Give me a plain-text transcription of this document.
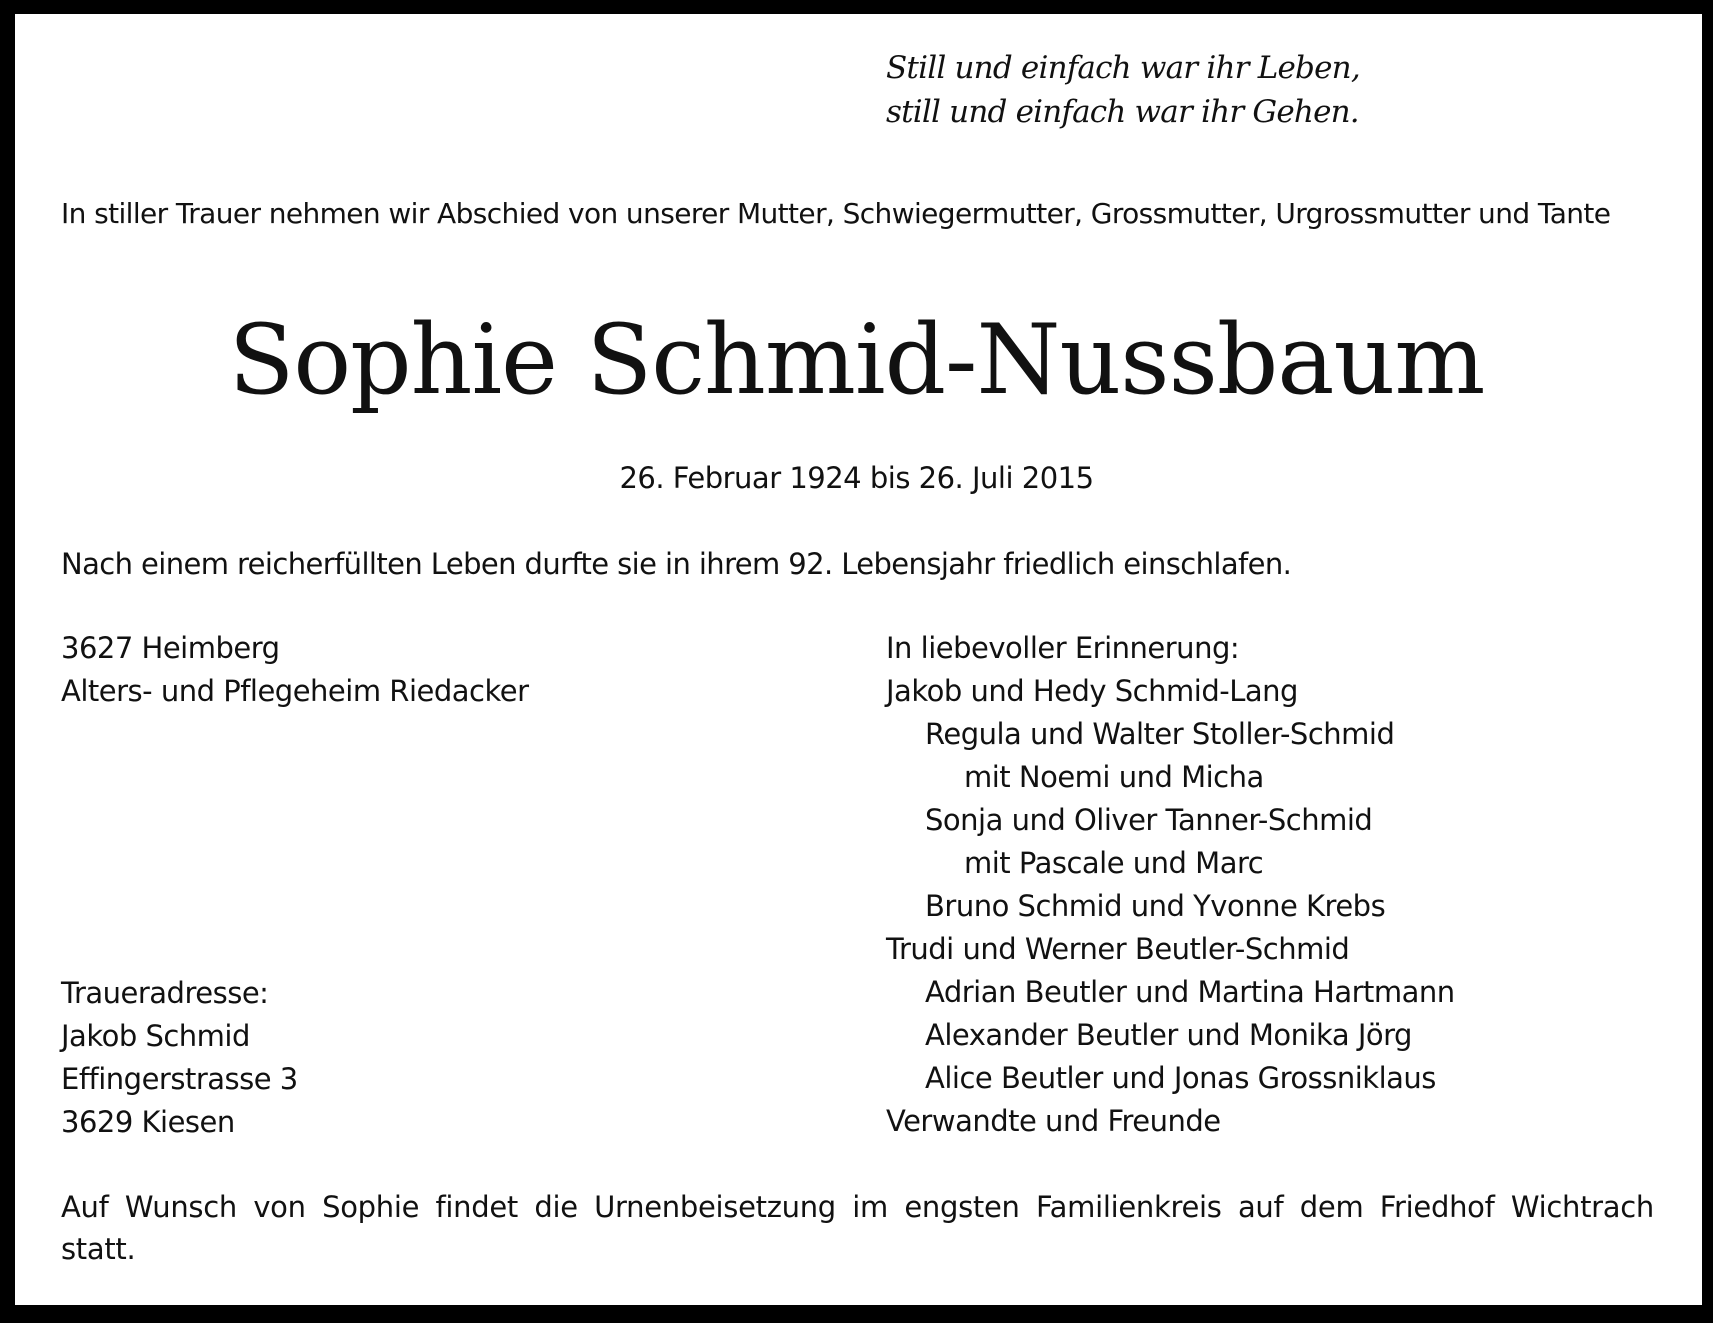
Still und einfach war ihr Leben,
still und einfach war ihr Gehen.
In stiller Trauer nehmen wir Abschied von unserer Mutter, Schwiegermutter, Grossmutter, Urgrossmutter und Tante
Sophie Schmid-Nussbaum
26. Februar 1924 bis 26. Juli 2015
Nach einem reicherfüllten Leben durfte sie in ihrem 92. Lebensjahr friedlich einschlafen.
3627 Heimberg
Alters- und Pflegeheim Riedacker
Traueradresse:
Jakob Schmid
Effingerstrasse 3
3629 Kiesen
In liebevoller Erinnerung:
Jakob und Hedy Schmid-Lang
Regula und Walter Stoller-Schmid
mit Noemi und Micha
Sonja und Oliver Tanner-Schmid
mit Pascale und Marc
Bruno Schmid und Yvonne Krebs
Trudi und Werner Beutler-Schmid
Adrian Beutler und Martina Hartmann
Alexander Beutler und Monika Jörg
Alice Beutler und Jonas Grossniklaus
Verwandte und Freunde
Auf Wunsch von Sophie findet die Urnenbeisetzung im engsten Familienkreis auf dem Friedhof Wichtrach statt.
